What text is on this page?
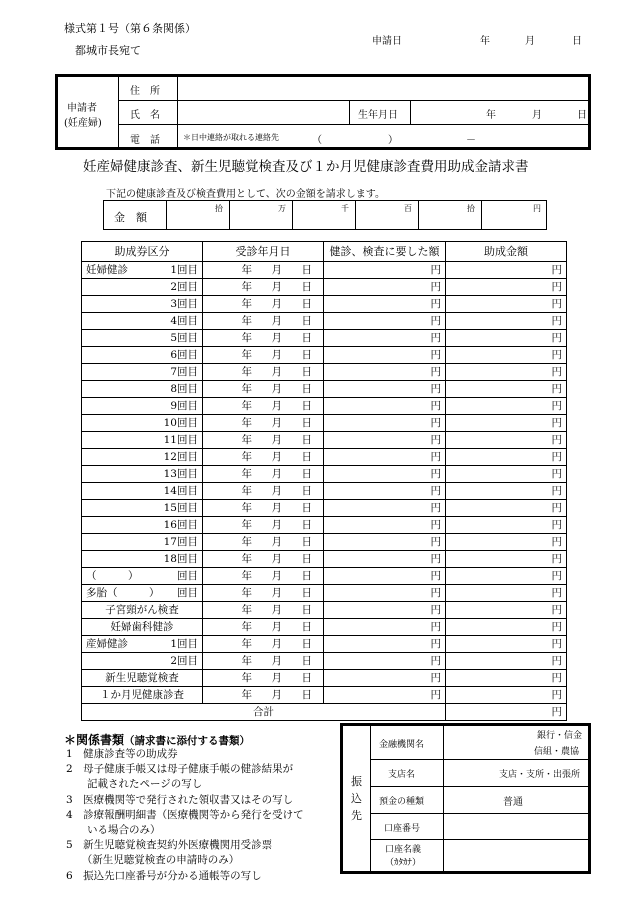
様式第１号（第６条関係）
都城市長宛て
申請日	年	月	日
申請者
(妊産婦)
住　所
氏　名	生年月日	年	月	日
電　話	＊日中連絡が取れる連絡先	（	）	－
妊産婦健康診査、新生児聴覚検査及び１か月児健康診査費用助成金請求書
下記の健康診査及び検査費用として、次の金額を請求します。
金　額
拾	万	千	百	拾	円
助成券区分	受診年月日	健診、検査に要した額	助成金額
妊婦健診 1回目	年 月 日	円	円

2回目	年 月 日	円	円

3回目	年 月 日	円	円

4回目	年 月 日	円	円

5回目	年 月 日	円	円

6回目	年 月 日	円	円

7回目	年 月 日	円	円

8回目	年 月 日	円	円

9回目	年 月 日	円	円

10回目	年 月 日	円	円

11回目	年 月 日	円	円

12回目	年 月 日	円	円

13回目	年 月 日	円	円

14回目	年 月 日	円	円

15回目	年 月 日	円	円

16回目	年 月 日	円	円

17回目	年 月 日	円	円

18回目	年 月 日	円	円
（　　　） 回目	年 月 日	円	円
多胎（　　　） 回目	年 月 日	円	円
子宮頸がん検査	年 月 日	円	円
妊婦歯科健診	年 月 日	円	円
産婦健診 1回目	年 月 日	円	円

2回目	年 月 日	円	円
新生児聴覚検査	年 月 日	円	円
１か月児健康診査	年 月 日	円	円
合計			円
＊関係書類（請求書に添付する書類）
1　健康診査等の助成券
2　母子健康手帳又は母子健康手帳の健診結果が
　　記載されたページの写し
3　医療機関等で発行された領収書又はその写し
4　診療報酬明細書（医療機関等から発行を受けて
　　いる場合のみ）
5　新生児聴覚検査契約外医療機関用受診票
　　（新生児聴覚検査の申請時のみ）
6　振込先口座番号が分かる通帳等の写し
振
込
先
金融機関名
銀行・信金
信組・農協
支店名	支店・支所・出張所
預金の種類	普通
口座番号
口座名義
（ｶﾀｶﾅ）
